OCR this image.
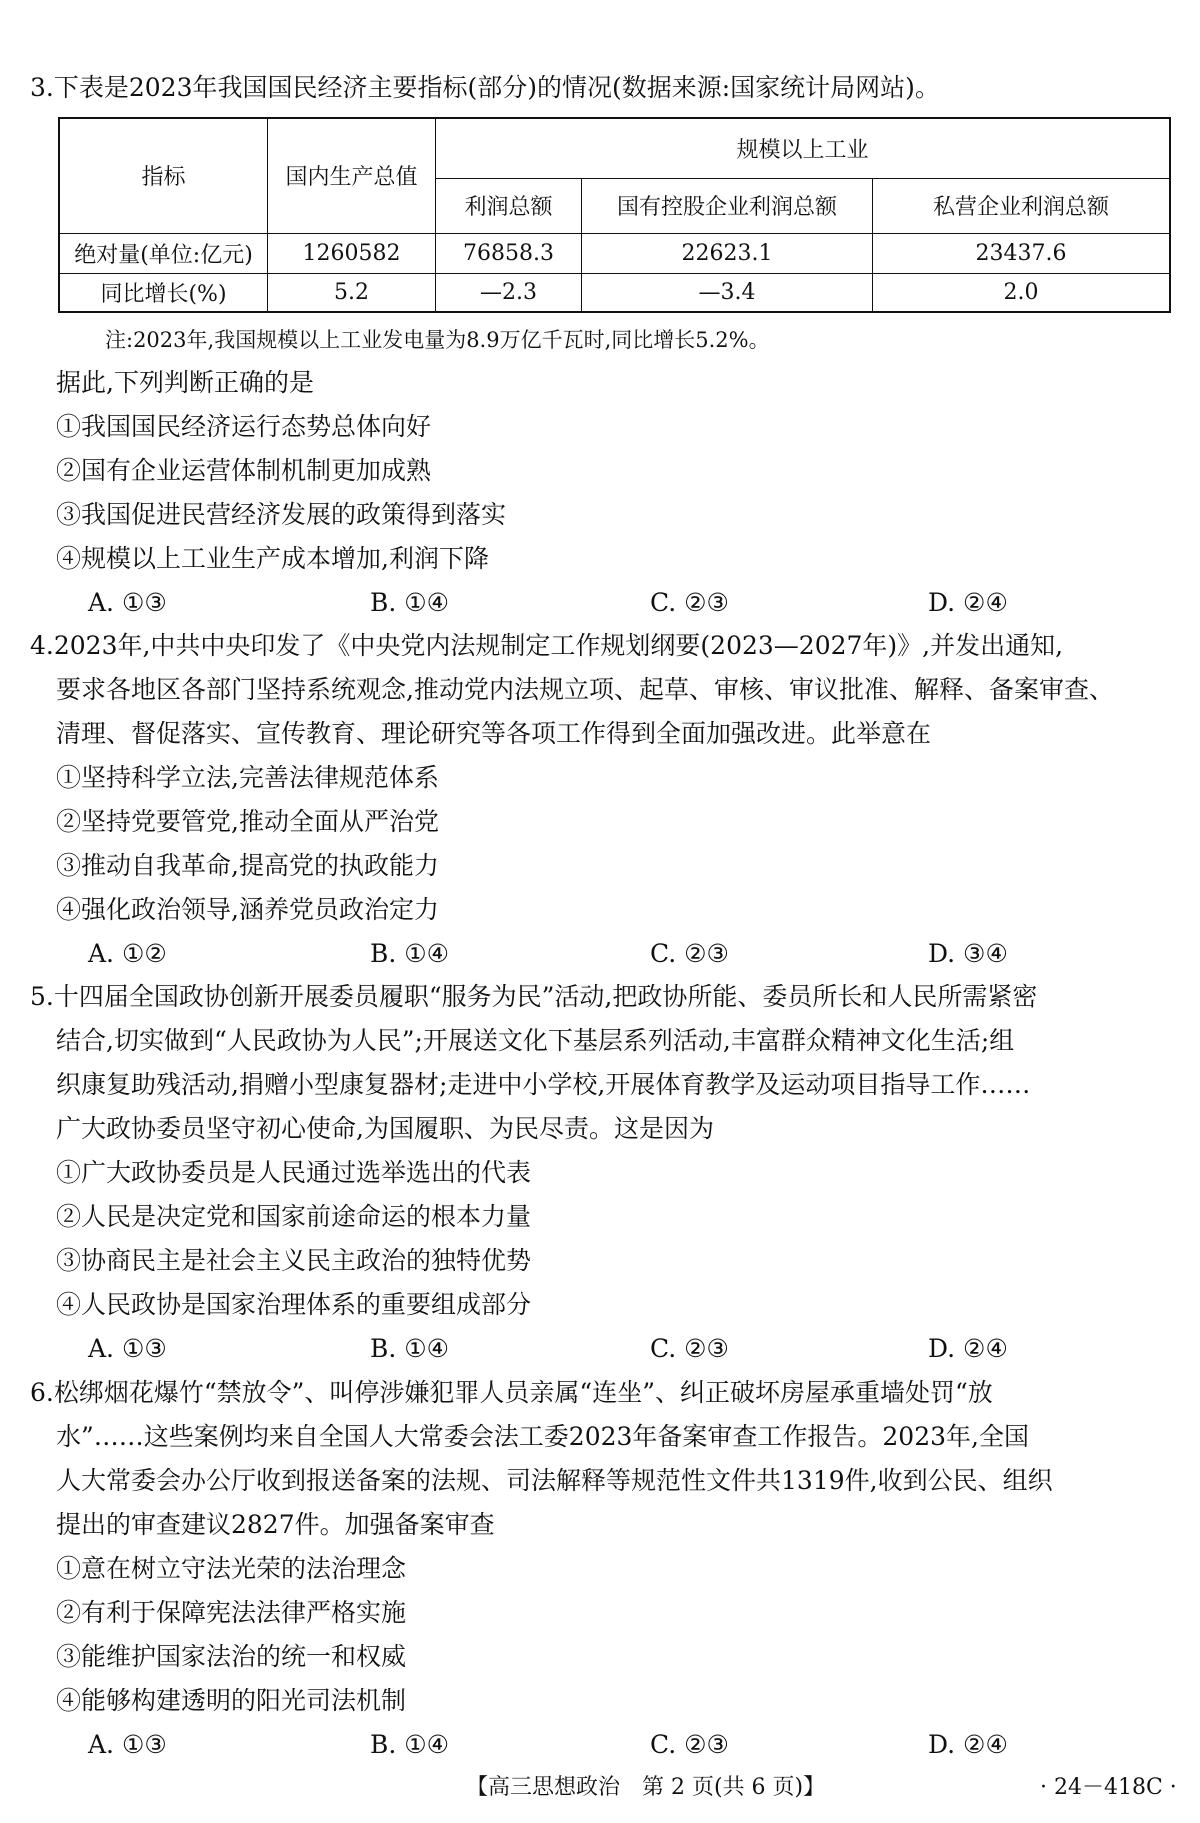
3.下表是2023年我国国民经济主要指标(部分)的情况(数据来源:国家统计局网站)。
指标	国内生产总值	规模以上工业		
		利润总额	国有控股企业利润总额	私营企业利润总额
绝对量(单位:亿元)	1260582	76858.3	22623.1	23437.6
同比增长(%)	5.2	—2.3	—3.4	2.0
注:2023年,我国规模以上工业发电量为8.9万亿千瓦时,同比增长5.2%。
据此,下列判断正确的是
①我国国民经济运行态势总体向好
②国有企业运营体制机制更加成熟
③我国促进民营经济发展的政策得到落实
④规模以上工业生产成本增加,利润下降
A. ①③	B. ①④	C. ②③	D. ②④
4.2023年,中共中央印发了《中央党内法规制定工作规划纲要(2023—2027年)》,并发出通知,
要求各地区各部门坚持系统观念,推动党内法规立项、起草、审核、审议批准、解释、备案审查、
清理、督促落实、宣传教育、理论研究等各项工作得到全面加强改进。此举意在
①坚持科学立法,完善法律规范体系
②坚持党要管党,推动全面从严治党
③推动自我革命,提高党的执政能力
④强化政治领导,涵养党员政治定力
A. ①②	B. ①④	C. ②③	D. ③④
5.十四届全国政协创新开展委员履职“服务为民”活动,把政协所能、委员所长和人民所需紧密
结合,切实做到“人民政协为人民”;开展送文化下基层系列活动,丰富群众精神文化生活;组
织康复助残活动,捐赠小型康复器材;走进中小学校,开展体育教学及运动项目指导工作……
广大政协委员坚守初心使命,为国履职、为民尽责。这是因为
①广大政协委员是人民通过选举选出的代表
②人民是决定党和国家前途命运的根本力量
③协商民主是社会主义民主政治的独特优势
④人民政协是国家治理体系的重要组成部分
A. ①③	B. ①④	C. ②③	D. ②④
6.松绑烟花爆竹“禁放令”、叫停涉嫌犯罪人员亲属“连坐”、纠正破坏房屋承重墙处罚“放
水”……这些案例均来自全国人大常委会法工委2023年备案审查工作报告。2023年,全国
人大常委会办公厅收到报送备案的法规、司法解释等规范性文件共1319件,收到公民、组织
提出的审查建议2827件。加强备案审查
①意在树立守法光荣的法治理念
②有利于保障宪法法律严格实施
③能维护国家法治的统一和权威
④能够构建透明的阳光司法机制
A. ①③	B. ①④	C. ②③	D. ②④
【高三思想政治　第 2 页(共 6 页)】	· 24－418C ·
